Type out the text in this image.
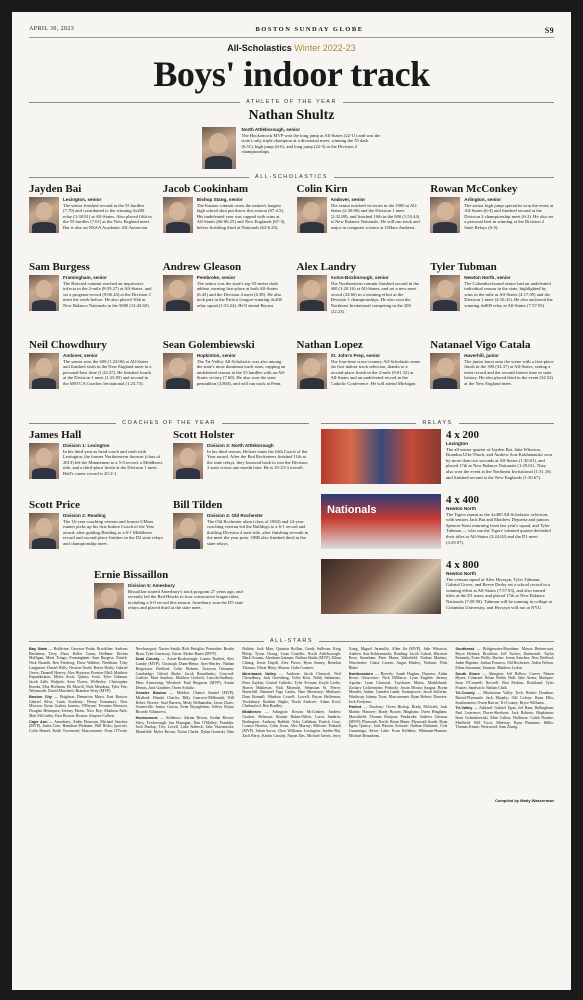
APRIL 30, 2023	BOSTON SUNDAY GLOBE	S9
All-Scholastics Winter 2022-23
Boys' indoor track
ATHLETE OF THE YEAR
Nathan Shultz
North Attleborough, senior
The Hockomock MVP won the long jump at All-States (22-11) and was the state's only triple champion at a divisional meet, winning the 55 dash (6.51), high jump (6-6), and long jump (22-5) at the Division 2 championships.
ALL-SCHOLASTICS
Jayden Bai
Lexington, senior
The senior finished second in the 55 hurdles (7.70) and contributed to the winning 4x200 relay (1:30.01) at All-States. Also placed fifth in the 55 hurdles (7.61) at the New England meet. Bai is also an NSAA Academic All-American.
Jacob Cookinham
Bishop Stang, senior
The Kansas commit owns the nation's longest high school shot put throw this season (67-4.5). His undefeated year was capped with wins at All-States (66-06.25) and New Englands (67-3), before finishing third at Nationals (63-6.25).
Colin Kirn
Andover, senior
The senior notched victories in the 1000 at All-States (2:30.06) and the Division 1 meet (2:32.88), and finished 10th in the 800 (1:55.44) at New Balance Nationals. He will run track and major in computer science at UMass Amherst.
Rowan McConkey
Arlington, senior
The senior high jump specialist won the event at All-States (6-4) and finished second at the Division 2 championship meet (6-2). He also set a personal best in winning at the Division 2 State Relays (6-5).
Sam Burgess
Framingham, senior
The Harvard commit reached an impressive trifecta in the 2-mile (8:59.27) at All-States, and set a program-record (9:06.44) at the Division 1 meet the week before. He also placed 10th at New Balance Nationals in the 5000 (14:43.60).
Andrew Gleason
Pembroke, senior
The senior was the state's top 55-meter dash athlete, earning first-place at both All-States (6.43) and the Division 4 meet (6.38). He also took part in the Patriot League-winning 4x200 relay squad (1:33.24). He'll attend Bryant.
Alex Landry
Acton-Boxborough, senior
The Northeastern commit finished second in the 600 (1:20.16) at All-States, and set a new meet record (24.66) in a winning effort at the Division 1 championships. He also won the Northeast Invitational competing in the 200 (22.23).
Tyler Tubman
Newton North, senior
The Columbia-bound senior had an undefeated individual season in the state, highlighted by wins in the mile at All-States (4:17.09) and the Division 1 meet (4:16.41). He also anchored the winning 4x800 relay at All-States (7:57.93).
Neil Chowdhury
Andover, senior
The senior won the 600 (1:23.06) at All-States and finished sixth in the New England meet in a personal-best time (1:22.47). He finished fourth at the Division 1 meet (1:23.83) and second in the MSTCA Coaches Invitational (1:23.73).
Sean Golembiewski
Hopkinton, senior
The Tri-Valley All-Scholastic was also among the state's most dominant track stars, capping an undefeated season in the 55 hurdles with an All-States victory (7.60). He also won the state pentathlon (3,804), and will run track at Penn.
Nathan Lopez
St. John's Prep, senior
The four-time cross-country All-Scholastic earns his first indoor track selection, thanks to a second-place finish in the 2-mile (9:01.32) at All-States and an undefeated record in the Catholic Conference. He will attend Michigan.
Natanael Vigo Catala
Haverhill, junior
The junior burst onto the scene with a first-place finish in the 300 (34.37) at All-States, setting a meet record and the second-fastest time in state history. He also placed third in the event (34.52) at the New England meet.
COACHES OF THE YEAR
James Hall
Division 1: Lexington
In his third year as head coach and sixth with Lexington, the former Northeastern thrower (class of 2013) led the Minutemen to a 5-0 record, a Middlesex title, and a third-place finish at the Division 1 meet. Hall's career record is 25-2-1.
Scott Holster
Division 3: North Attleborough
In his third season, Holster earns his fifth Coach of the Year award. After the Red Rocketeers finished 11th at the state relays, they bounced back to win the Division 3 state crown one month later. He is 35-23-3 overall.
Scott Price
Division 2: Reading
The 16-year coaching veteran and former UMass runner picks up his first Indoor Coach of the Year award, after guiding Reading to a 6-1 Middlesex record and second-place finishes in the D2 state relays and championship meet.
Bill Tilden
Division 4: Old Rochester
The Old Rochester alum (class of 1984) and 24-year coaching veteran led the Bulldogs to a 6-1 record and thrilling Division 4 state title, after finishing seventh in the meet the year prior. ORR also finished third in the state relays.
Ernie Bissaillon
Division 5: Amesbury
Bissaillon started Amesbury's track program 27 years ago, and recently led the Red Hawks to four consecutive league titles, including a 6-0 record this season. Amesbury won the D5 state relays and placed third at the state meet.
RELAYS
4 x 200
Lexington
The all-senior quartet of Jayden Bai, Jake Whorton, Brandon Ulfa-Thach, and Andrew Sou-Kokhanauski won by more than two seconds at All-States (1:30.01), and placed 17th at New Balance Nationals (1:29.01). They also won the event at the Northeast Invitational (1:31.18) and finished second at the New Englands (1:30.67).
Nationals
4 x 400
Newton North
The Tigers repeat as the 4x400 All-Scholastic selection, with seniors Jack Bai and Matthew Dejuerta and juniors Spencer Kent returning from last year's squad, and Tyler Tubman — who ran the Tigers' talented quartet defended their titles at All-States (3:24.62) and the D1 meet (3:29.97).
4 x 800
Newton North
The veteran squad of Alex Hryszyn, Tyler Tubman, Gabriel Grove, and Reeve Derby set a school record in a winning effort at All-States (7:57.93), and also earned titles at the D1 meet, and placed 17th at New Balance Nationals (7:58.90). Tubman will be running in college at Columbia University, and Hryszyn will run at NYU.
ALL-STARS

Bay State — Boldtrine: Greyson Prada; Brookline: Andreas Bertsimas, Terry Zhou; Keller Cantu; Dedham: Declan Mulligan, Mark Tringo; Framingham: Sam Burgess; Natick: Nick Brandli, Ben Feinberg; Drew Walther; Needham: Toby Langmore; Daniel Wills; Newton North: Reeve Derby, Gabriel Grove, Dunnell Harvey, Alex Hryszyn; Everton Mall; Matthew Papanikolaou, Myles Scott; Quincy Scott, Tyler Tubman, Jacob Zalb; Walpole: Sean Norris; Wellesley: Christopher Brooks, Max Hoffman, Eli Morrill, Nick Mendoza; Tyler Yen; Weymouth: David Marchetti; Brandon Wray (MVP).

Boston City — Brighton: Demarion Mayo, East Boston: Gabriel Silva; Latin Academy: Henry Kanamori; New Mission: Keirn Godrey Jaurins; O'Bryant: Tevarius Bettcorn, Douglas Henriquez, Jeremy Moise, Nico Rey; Madison Park: Matt McCarthy; East Boston: Boston: Amyure Colbert.

Cape Ann — Amesbury: Aiden Donovan, Michael Sanchez (MVP), Justin Cote; Hamilton-Wenham: Will Hicks; Ipswich: Colin Hamel, Keith Townsend; Masconomet: Evan O'Toole; Newburyport: Xavier Smith, Rich Pettiglio; Pentucket: Brodie Ryan, Tyler Carraway; Triton: Parker Burns (MVP).

Dual County — Acton-Boxborough: Lomin Bartlett, Alex Landry (MVP), Christoph Dunn-Heinz; Ayer-Shirley: Nathan Bergessen; Bedford: Colin Holmes, Grayson Ortmann; Cambridge: Gilead Abebe, Jacob Brondinsky; Concord-Carlisle: Matt Sanchez, Matthew Gerlach; Lincoln-Sudbury: Marc Armstrong; Westford: Paul Bergeron (MVP), Austin Dennis, Jack Gauthier, Owen Schultz.

Greater Boston — Malden: Chance Saintel (MVP), Medford: Dimitri Charles; Billy Guerrero-Milbrandt; Will Kebei; Revere: Saul Barrera, Medy Belhamdini, Jason Chaiv; Somerville: Junior Garcia, Evan Brynglehim, Jeffrey Rojas; Ricardo Villanueva.

Hockomock — Attleboro: Adrian Rivera, Jordan Rivera-Silva, Foxborough: Ian Flanagan, Dan O'Malley; Franklin: Josh Dunlap, Trey Lovell, Luke Stebeck; Jake Vazzanicola; Mansfield: Myles Brown, Nolan Clarke, Dylan Grzinski, Nate Hobbie, Jack Marr, Quinton Rollins, Grady Sullivan; King Philip: Tyson Chong, Liam Costello; North Attleborough: Mark Gronau, Abraham Gutman; Nathan Shultz (MVP), Ethan Chiang, Jessie Dupill, Alex Pierce, Ryan Sarney, Brendan Thomas; Oliver Riley; Sharon: Gabe Cormier.

Merrimack Valley — Andover: Jacob Christofi, Neil Chowdhury, Jack Greenberg, Colin Kirn, Teddy Salamone, Peter Zaykin; Central Catholic: Tyler Fortune, Koyle Leslie, Shawn Matheson, Nick Mormile, Sebastian St. Pierre; Haverhill: Natanael Vigo Catala, Nate Morrissey; Methuen: Dam Bonnell; Windsor Lowell: Lowell: Bryan Heffernan; Tewksbury: Ibrahim Nagbe; North Andover: Adam Koul; Chelmsford: Ben Bradley.

Middlesex — Arlington: Rowan McConkey, Andrew Gordon; Belmont: Ronnie Rubin-Ohlen, Lucas Sandrin; Burlington: Anthony Babbitt; Tyler Callahan; Patrick Gray; Connor Herrera, Colin Irwin, Alec Murray; Melrose: Prakash (MVP), Julian Sacca; Chris Williams; Lexington: Jayden Bai, Zach Berry, Kaden Cassidy, Nayan Das, Michael Geerts, Jerry Gong, Miguel Jaramillo, Allen Jia (MVP), Jake Whorton, Andrew Sou-Kokhanauski; Reading: Jacob Cabral, Harrison Rose; Stoneham: Peter Marra; Wakefield: Nathan Martino; Winchester: Chase Curran, Angus Hanley; Woburn: Nick Blake.

Northeastern — Beverly: Jonah Hughes; Danvers: Aidan Rowe; Gloucester: Nick DiMarco; Lynn English: Jeremy Aguilar; Lynn Classical: Tayshawn Matos; Marblehead: Zachary Lichtenstein; Peabody: Justin Moura; Saugus: Bryan Mendes; Salem: Camden Lamb; Swampscott: Jacob Sullivan; Winthrop: Johnny Toon; Masconomet: Ryan Hebert; Danvers: Jack Frodyma.

Patriot — Duxbury: Owen Bishop, Brady McGrath, Jack Martin; Hanover: Brady Brown; Hingham: Owen Hingham; Marshfield: Thomas Bonjour; Pembroke: Andrew Gleason (MVP); Plymouth North: Brian Mann; Plymouth South: Ryan Egan; Quincy: Jack Bloom; Scituate: Nathan Duhamel, Cole Cummings; Silver Lake: Evan Kelleher; Whitman-Hanson: Michael Beaudreau.

Southeast — Bridgewater-Raynham: Mason Bettencourt, Bryce Holmes; Brockton: Jeff Tucker; Dartmouth: Taylor Kennedy, Evan Wolfe; Durfee: Jerem Sanchez; New Bedford: Jaden Baptiste, Joshua Fonseca; Old Rochester: Aiden Nelson, Ethan Jussaume; Taunton: Matthew Lydon.

South Shore — Abington: Jeff Bellew; Carver: Mason Hynes; Cohasset: Ethan Walsh; Hull: Jake Arena; Mashpee: Sean O'Connell; Norwell: Ben Perkins; Rockland: Tyler Frazier; Sandwich: Nathan Clark.

Tri-County — Blackstone Valley Tech: Robert Donahue; Bristol-Plymouth: Jack Murphy; Old Colony: Ryan Ellis; Southeastern: Owen Barros; Tri-County: Bryce Williams.

Tri-Valley — Ashland: Gabriel Egan, Jed Ham; Bellingham: Paul Lawrence; Dover-Sherborn: Jack Roberts; Hopkinton: Sean Golembiewski, Matt Cullen; Holliston: Caleb Rourke; Medfield: Will Tocci; Medway: Ryan Plummer; Millis: Thomas Keane; Westwood: Sam Zhang.

Compiled by Matty Wasserman
